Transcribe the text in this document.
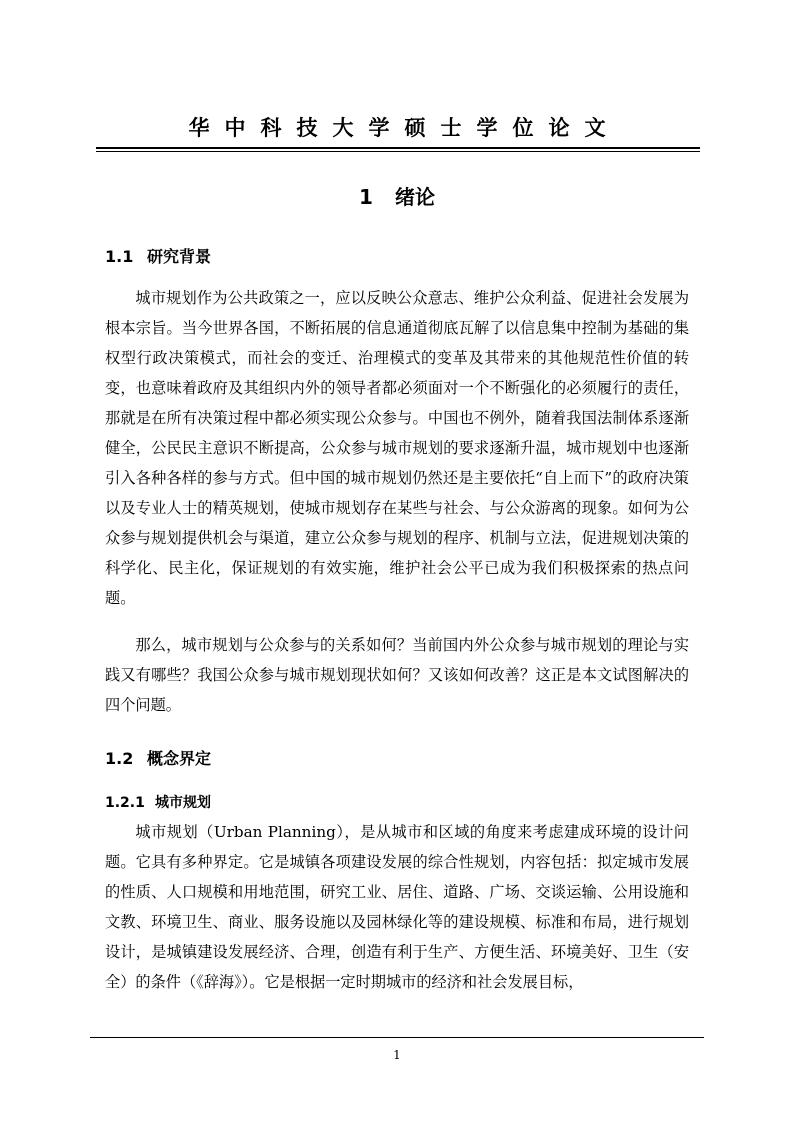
华中科技大学硕士学位论文
1 绪论
1.1 研究背景

城市规划作为公共政策之一，应以反映公众意志、维护公众利益、促进社会发展为根本宗旨。当今世界各国，不断拓展的信息通道彻底瓦解了以信息集中控制为基础的集权型行政决策模式，而社会的变迁、治理模式的变革及其带来的其他规范性价值的转变，也意味着政府及其组织内外的领导者都必须面对一个不断强化的必须履行的责任，那就是在所有决策过程中都必须实现公众参与。中国也不例外，随着我国法制体系逐渐健全，公民民主意识不断提高，公众参与城市规划的要求逐渐升温，城市规划中也逐渐引入各种各样的参与方式。但中国的城市规划仍然还是主要依托“自上而下”的政府决策以及专业人士的精英规划，使城市规划存在某些与社会、与公众游离的现象。如何为公众参与规划提供机会与渠道，建立公众参与规划的程序、机制与立法，促进规划决策的科学化、民主化，保证规划的有效实施，维护社会公平已成为我们积极探索的热点问题。

那么，城市规划与公众参与的关系如何？当前国内外公众参与城市规划的理论与实践又有哪些？我国公众参与城市规划现状如何？又该如何改善？这正是本文试图解决的四个问题。

1.2 概念界定
1.2.1 城市规划

城市规划（Urban Planning），是从城市和区域的角度来考虑建成环境的设计问题。它具有多种界定。它是城镇各项建设发展的综合性规划，内容包括：拟定城市发展的性质、人口规模和用地范围，研究工业、居住、道路、广场、交谈运输、公用设施和文教、环境卫生、商业、服务设施以及园林绿化等的建设规模、标准和布局，进行规划设计，是城镇建设发展经济、合理，创造有利于生产、方便生活、环境美好、卫生（安全）的条件（《辞海》）。它是根据一定时期城市的经济和社会发展目标，

1
